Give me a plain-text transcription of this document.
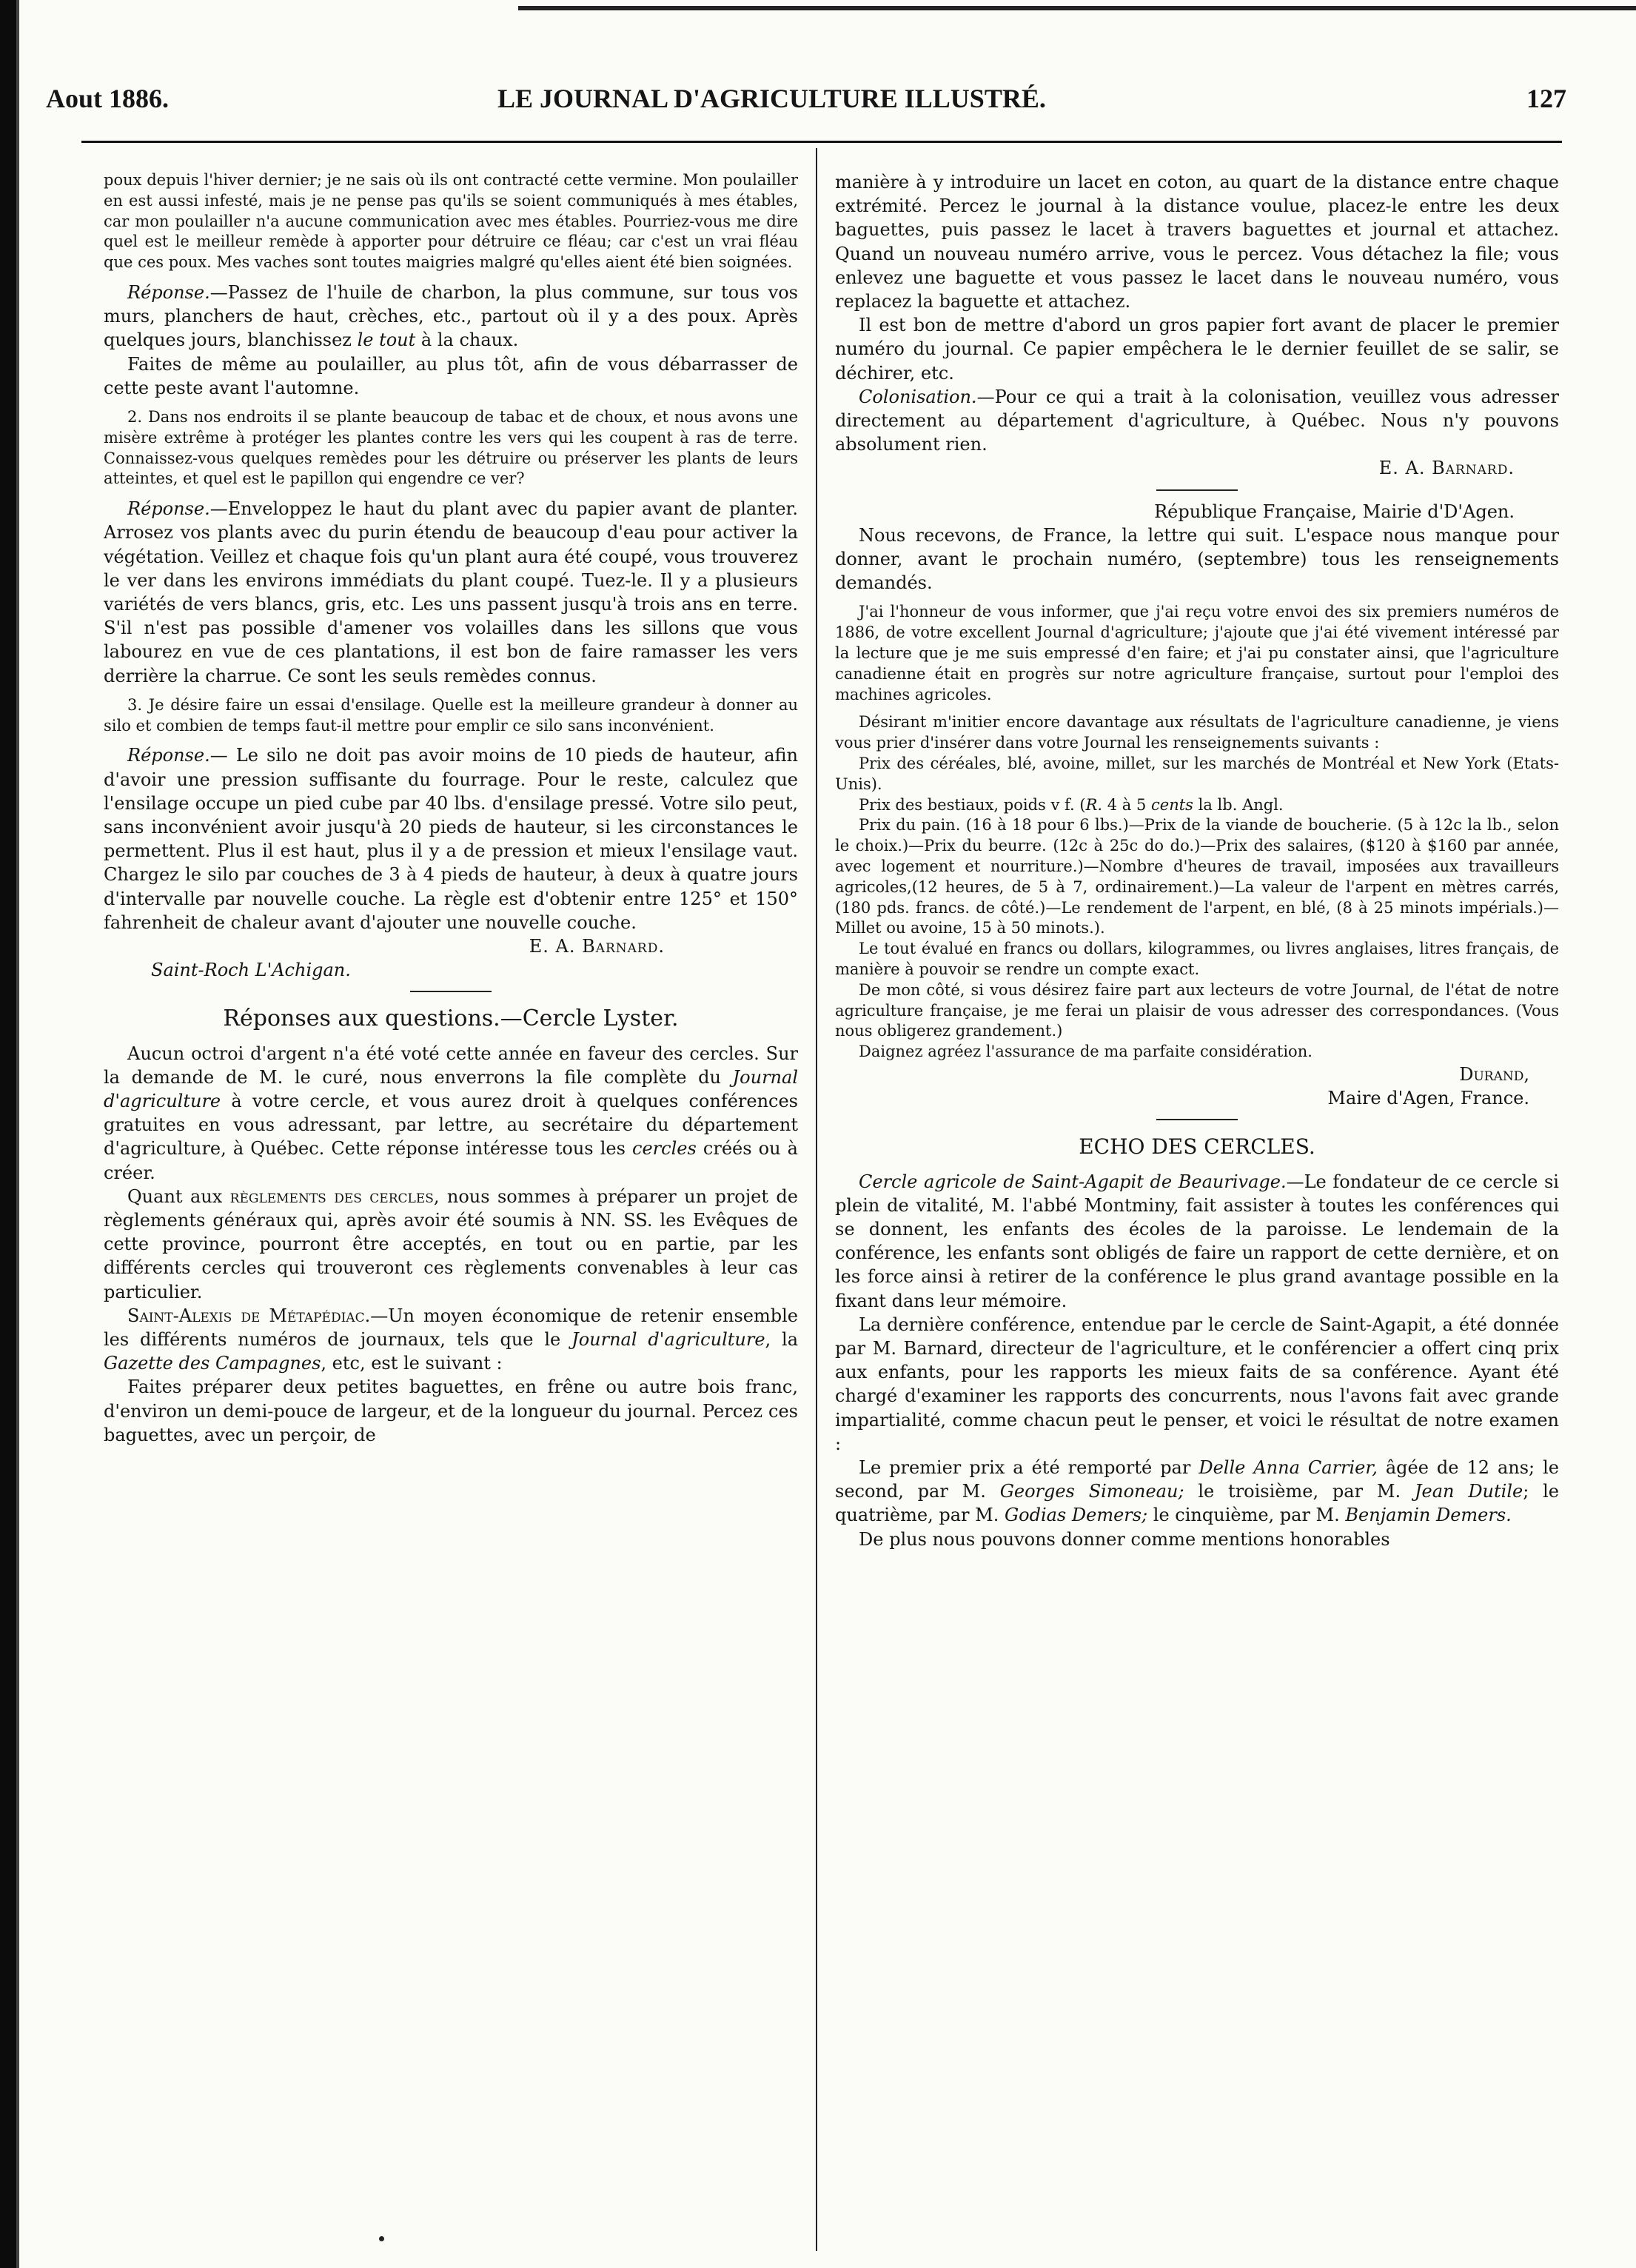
Aout 1886.	LE JOURNAL D'AGRICULTURE ILLUSTRÉ.	127

poux depuis l'hiver dernier; je ne sais où ils ont contracté cette vermine. Mon poulailler en est aussi infesté, mais je ne pense pas qu'ils se soient communiqués à mes étables, car mon poulailler n'a aucune communication avec mes étables. Pourriez-vous me dire quel est le meilleur remède à apporter pour détruire ce fléau; car c'est un vrai fléau que ces poux. Mes vaches sont toutes maigries malgré qu'elles aient été bien soignées.

Réponse.—Passez de l'huile de charbon, la plus commune, sur tous vos murs, planchers de haut, crèches, etc., partout où il y a des poux. Après quelques jours, blanchissez le tout à la chaux.

Faites de même au poulailler, au plus tôt, afin de vous débarrasser de cette peste avant l'automne.

2. Dans nos endroits il se plante beaucoup de tabac et de choux, et nous avons une misère extrême à protéger les plantes contre les vers qui les coupent à ras de terre. Connaissez-vous quelques remèdes pour les détruire ou préserver les plants de leurs atteintes, et quel est le papillon qui engendre ce ver?

Réponse.—Enveloppez le haut du plant avec du papier avant de planter. Arrosez vos plants avec du purin étendu de beaucoup d'eau pour activer la végétation. Veillez et chaque fois qu'un plant aura été coupé, vous trouverez le ver dans les environs immédiats du plant coupé. Tuez-le. Il y a plusieurs variétés de vers blancs, gris, etc. Les uns passent jusqu'à trois ans en terre. S'il n'est pas possible d'amener vos volailles dans les sillons que vous labourez en vue de ces plantations, il est bon de faire ramasser les vers derrière la charrue. Ce sont les seuls remèdes connus.

3. Je désire faire un essai d'ensilage. Quelle est la meilleure grandeur à donner au silo et combien de temps faut-il mettre pour emplir ce silo sans inconvénient.

Réponse.— Le silo ne doit pas avoir moins de 10 pieds de hauteur, afin d'avoir une pression suffisante du fourrage. Pour le reste, calculez que l'ensilage occupe un pied cube par 40 lbs. d'ensilage pressé. Votre silo peut, sans inconvénient avoir jusqu'à 20 pieds de hauteur, si les circonstances le permettent. Plus il est haut, plus il y a de pression et mieux l'ensilage vaut. Chargez le silo par couches de 3 à 4 pieds de hauteur, à deux à quatre jours d'intervalle par nouvelle couche. La règle est d'obtenir entre 125° et 150° fahrenheit de chaleur avant d'ajouter une nouvelle couche.

E. A. Barnard.

Saint-Roch L'Achigan.

Réponses aux questions.—Cercle Lyster.

Aucun octroi d'argent n'a été voté cette année en faveur des cercles. Sur la demande de M. le curé, nous enverrons la file complète du Journal d'agriculture à votre cercle, et vous aurez droit à quelques conférences gratuites en vous adressant, par lettre, au secrétaire du département d'agriculture, à Québec. Cette réponse intéresse tous les cercles créés ou à créer.

Quant aux règlements des cercles, nous sommes à préparer un projet de règlements généraux qui, après avoir été soumis à NN. SS. les Evêques de cette province, pourront être acceptés, en tout ou en partie, par les différents cercles qui trouveront ces règlements convenables à leur cas particulier.

Saint-Alexis de Métapédiac.—Un moyen économique de retenir ensemble les différents numéros de journaux, tels que le Journal d'agriculture, la Gazette des Campagnes, etc, est le suivant :

Faites préparer deux petites baguettes, en frêne ou autre bois franc, d'environ un demi-pouce de largeur, et de la longueur du journal. Percez ces baguettes, avec un perçoir, de

manière à y introduire un lacet en coton, au quart de la distance entre chaque extrémité. Percez le journal à la distance voulue, placez-le entre les deux baguettes, puis passez le lacet à travers baguettes et journal et attachez. Quand un nouveau numéro arrive, vous le percez. Vous détachez la file; vous enlevez une baguette et vous passez le lacet dans le nouveau numéro, vous replacez la baguette et attachez.

Il est bon de mettre d'abord un gros papier fort avant de placer le premier numéro du journal. Ce papier empêchera le le dernier feuillet de se salir, se déchirer, etc.

Colonisation.—Pour ce qui a trait à la colonisation, veuillez vous adresser directement au département d'agriculture, à Québec. Nous n'y pouvons absolument rien.

E. A. Barnard.

République Française, Mairie d'D'Agen.

Nous recevons, de France, la lettre qui suit. L'espace nous manque pour donner, avant le prochain numéro, (septembre) tous les renseignements demandés.

J'ai l'honneur de vous informer, que j'ai reçu votre envoi des six premiers numéros de 1886, de votre excellent Journal d'agriculture; j'ajoute que j'ai été vivement intéressé par la lecture que je me suis empressé d'en faire; et j'ai pu constater ainsi, que l'agriculture canadienne était en progrès sur notre agriculture française, surtout pour l'emploi des machines agricoles.

Désirant m'initier encore davantage aux résultats de l'agriculture canadienne, je viens vous prier d'insérer dans votre Journal les renseignements suivants :

Prix des céréales, blé, avoine, millet, sur les marchés de Montréal et New York (Etats-Unis).

Prix des bestiaux, poids v f. (R. 4 à 5 cents la lb. Angl.

Prix du pain. (16 à 18 pour 6 lbs.)—Prix de la viande de boucherie. (5 à 12c la lb., selon le choix.)—Prix du beurre. (12c à 25c do do.)—Prix des salaires, ($120 à $160 par année, avec logement et nourriture.)—Nombre d'heures de travail, imposées aux travailleurs agricoles,(12 heures, de 5 à 7, ordinairement.)—La valeur de l'arpent en mètres carrés, (180 pds. francs. de côté.)—Le rendement de l'arpent, en blé, (8 à 25 minots impérials.)—Millet ou avoine, 15 à 50 minots.).

Le tout évalué en francs ou dollars, kilogrammes, ou livres anglaises, litres français, de manière à pouvoir se rendre un compte exact.

De mon côté, si vous désirez faire part aux lecteurs de votre Journal, de l'état de notre agriculture française, je me ferai un plaisir de vous adresser des correspondances. (Vous nous obligerez grandement.)

Daignez agréez l'assurance de ma parfaite considération.

Durand,

Maire d'Agen, France.

ECHO DES CERCLES.

Cercle agricole de Saint-Agapit de Beaurivage.—Le fondateur de ce cercle si plein de vitalité, M. l'abbé Montminy, fait assister à toutes les conférences qui se donnent, les enfants des écoles de la paroisse. Le lendemain de la conférence, les enfants sont obligés de faire un rapport de cette dernière, et on les force ainsi à retirer de la conférence le plus grand avantage possible en la fixant dans leur mémoire.

La dernière conférence, entendue par le cercle de Saint-Agapit, a été donnée par M. Barnard, directeur de l'agriculture, et le conférencier a offert cinq prix aux enfants, pour les rapports les mieux faits de sa conférence. Ayant été chargé d'examiner les rapports des concurrents, nous l'avons fait avec grande impartialité, comme chacun peut le penser, et voici le résultat de notre examen :

Le premier prix a été remporté par Delle Anna Carrier, âgée de 12 ans; le second, par M. Georges Simoneau; le troisième, par M. Jean Dutile; le quatrième, par M. Godias Demers; le cinquième, par M. Benjamin Demers.

De plus nous pouvons donner comme mentions honorables
